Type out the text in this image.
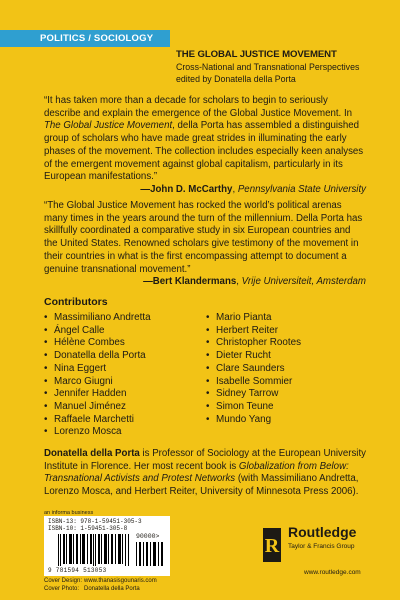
POLITICS / SOCIOLOGY
THE GLOBAL JUSTICE MOVEMENT
Cross-National and Transnational Perspectives
edited by Donatella della Porta
“It has taken more than a decade for scholars to begin to seriously describe and explain the emergence of the Global Justice Movement. In The Global Justice Movement, della Porta has assembled a distinguished group of scholars who have made great strides in illuminating the early phases of the movement. The collection includes especially keen analyses of the emergent movement against global capitalism, particularly in its European manifestations.”
—John D. McCarthy, Pennsylvania State University
“The Global Justice Movement has rocked the world’s political arenas many times in the years around the turn of the millennium. Della Porta has skillfully coordinated a comparative study in six European countries and the United States. Renowned scholars give testimony of the movement in their countries in what is the first encompassing attempt to document a genuine transnational movement.”
—Bert Klandermans, Vrije Universiteit, Amsterdam
Contributors
• Massimiliano Andretta
• Ángel Calle
• Hélène Combes
• Donatella della Porta
• Nina Eggert
• Marco Giugni
• Jennifer Hadden
• Manuel Jiménez
• Raffaele Marchetti
• Lorenzo Mosca
• Mario Pianta
• Herbert Reiter
• Christopher Rootes
• Dieter Rucht
• Clare Saunders
• Isabelle Sommier
• Sidney Tarrow
• Simon Teune
• Mundo Yang
Donatella della Porta is Professor of Sociology at the European University Institute in Florence. Her most recent book is Globalization from Below: Transnational Activists and Protest Networks (with Massimiliano Andretta, Lorenzo Mosca, and Herbert Reiter, University of Minnesota Press 2006).
an informa business
ISBN-13: 978-1-59451-305-3
ISBN-10: 1-59451-305-8
90000>
9 781594 513053
Cover Design: www.thanasisgounaris.com
Cover Photo: Donatella della Porta
R
Routledge
Taylor & Francis Group
www.routledge.com
